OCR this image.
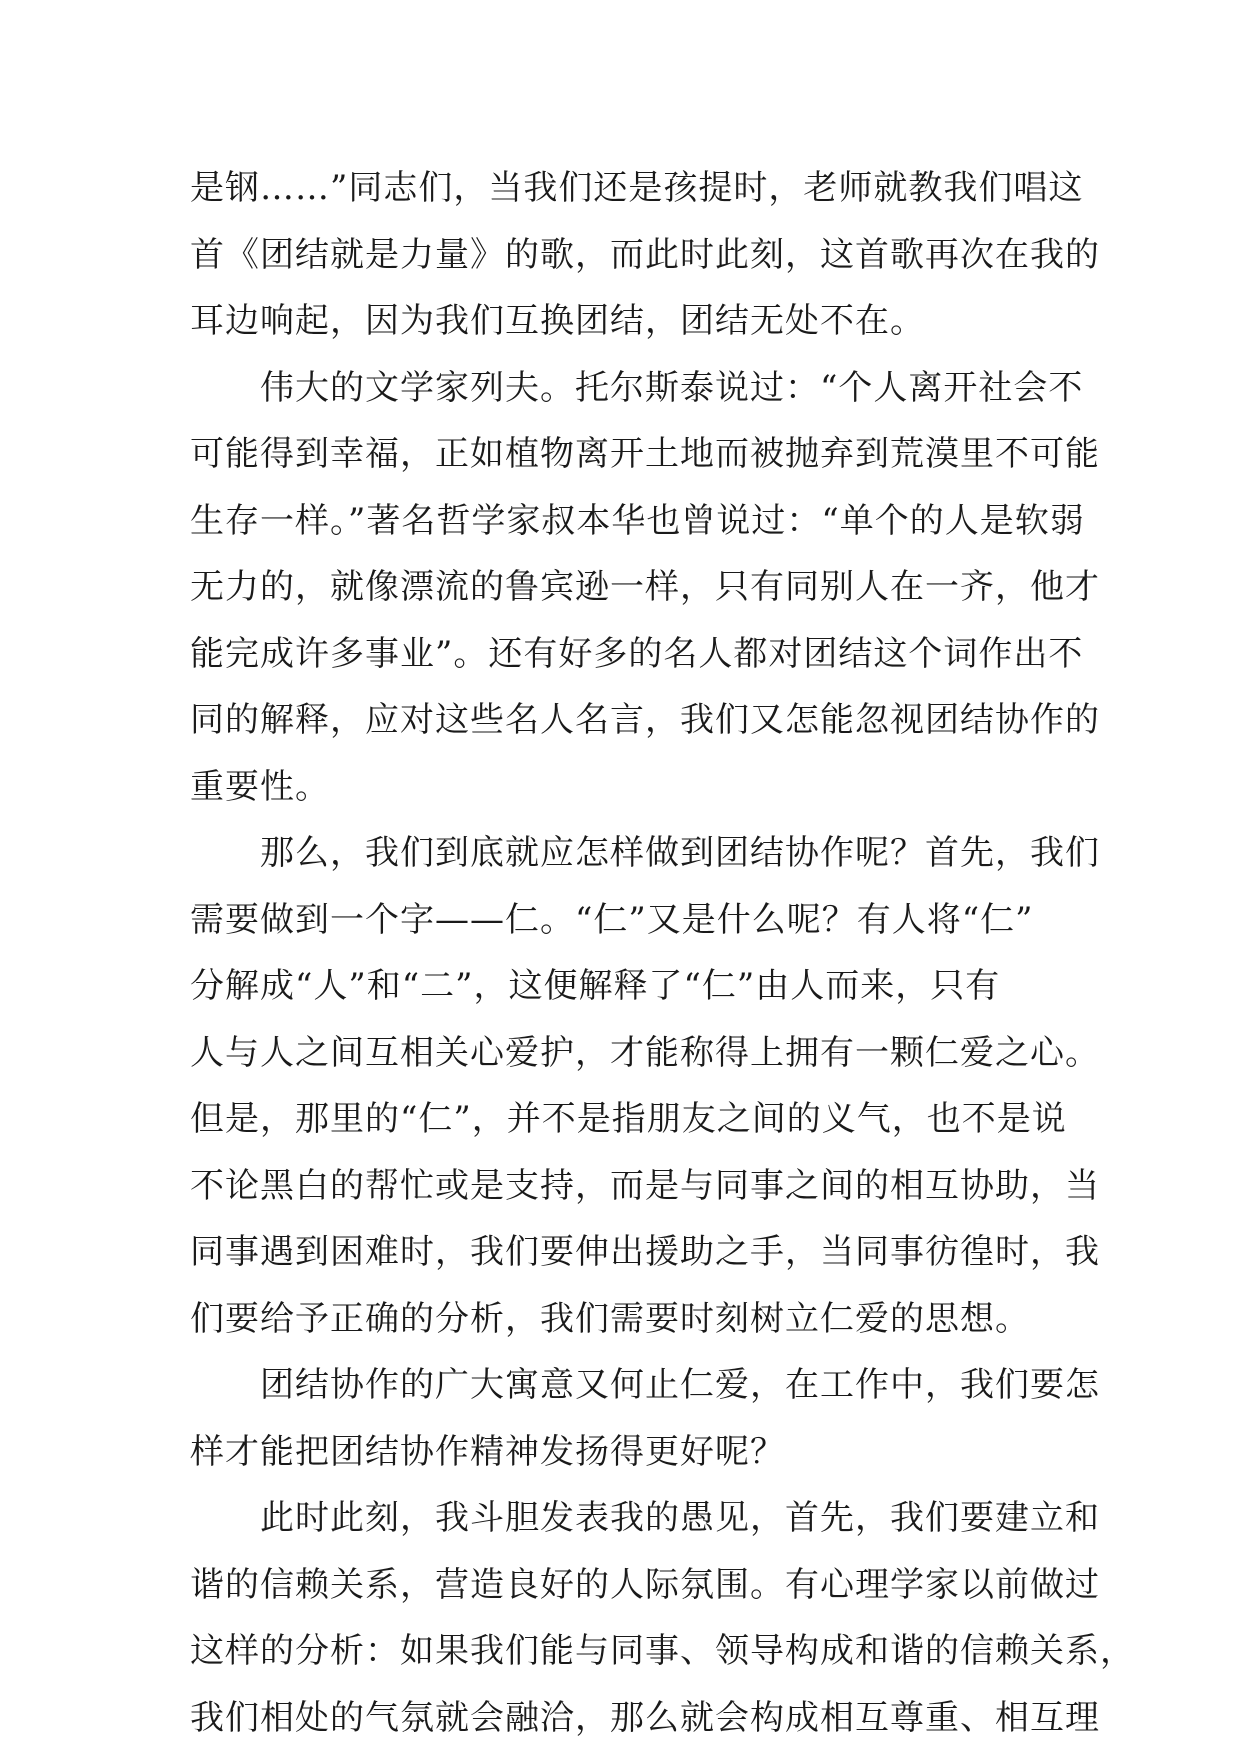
是钢……”同志们，当我们还是孩提时，老师就教我们唱这
首《团结就是力量》的歌，而此时此刻，这首歌再次在我的
耳边响起，因为我们互换团结，团结无处不在。
伟大的文学家列夫。托尔斯泰说过：“个人离开社会不
可能得到幸福，正如植物离开土地而被抛弃到荒漠里不可能
生存一样。”著名哲学家叔本华也曾说过：“单个的人是软弱
无力的，就像漂流的鲁宾逊一样，只有同别人在一齐，他才
能完成许多事业”。还有好多的名人都对团结这个词作出不
同的解释，应对这些名人名言，我们又怎能忽视团结协作的
重要性。
那么，我们到底就应怎样做到团结协作呢？首先，我们
需要做到一个字——仁。“仁”又是什么呢？有人将“仁”
分解成“人”和“二”，这便解释了“仁”由人而来，只有
人与人之间互相关心爱护，才能称得上拥有一颗仁爱之心。
但是，那里的“仁”，并不是指朋友之间的义气，也不是说
不论黑白的帮忙或是支持，而是与同事之间的相互协助，当
同事遇到困难时，我们要伸出援助之手，当同事彷徨时，我
们要给予正确的分析，我们需要时刻树立仁爱的思想。
团结协作的广大寓意又何止仁爱，在工作中，我们要怎
样才能把团结协作精神发扬得更好呢？
此时此刻，我斗胆发表我的愚见，首先，我们要建立和
谐的信赖关系，营造良好的人际氛围。有心理学家以前做过
这样的分析：如果我们能与同事、领导构成和谐的信赖关系，
我们相处的气氛就会融洽，那么就会构成相互尊重、相互理
